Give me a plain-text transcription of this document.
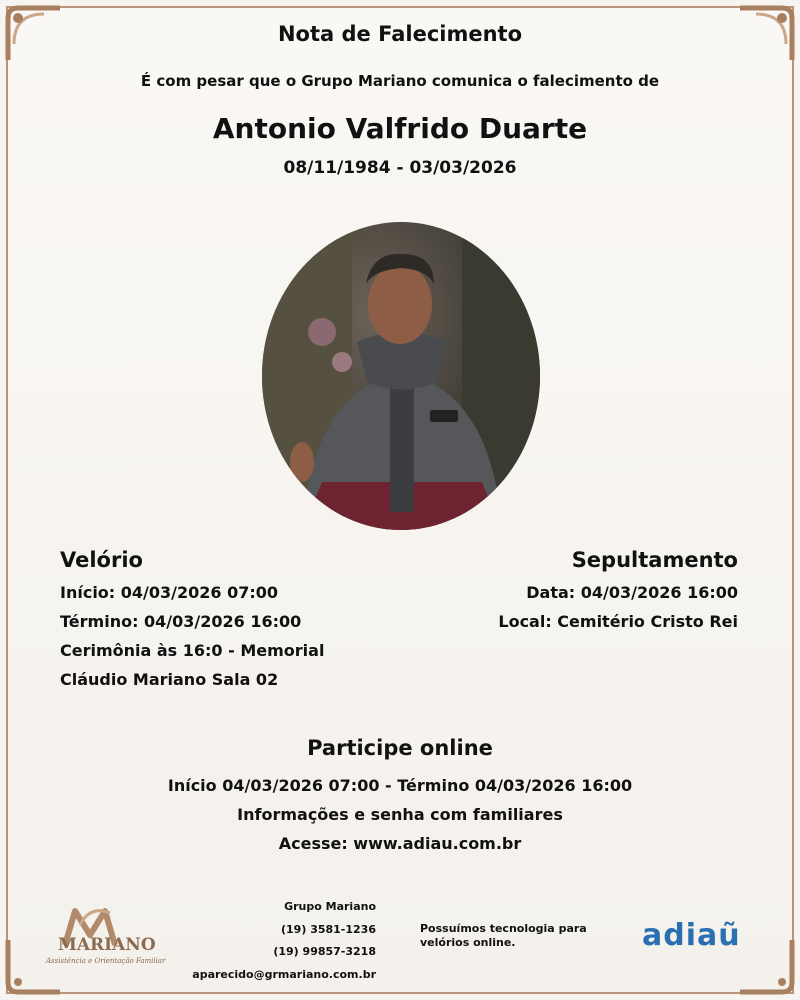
Nota de Falecimento
É com pesar que o Grupo Mariano comunica o falecimento de
Antonio Valfrido Duarte
08/11/1984 - 03/03/2026
Velório
Início: 04/03/2026 07:00
Término: 04/03/2026 16:00
Cerimônia às 16:0 - Memorial
Cláudio Mariano Sala 02
Sepultamento
Data: 04/03/2026 16:00
Local: Cemitério Cristo Rei
Participe online
Início 04/03/2026 07:00 - Término 04/03/2026 16:00
Informações e senha com familiares
Acesse: www.adiau.com.br
MARIANO
Assistência e Orientação Familiar
Grupo Mariano
(19) 3581-1236
(19) 99857-3218
aparecido@grmariano.com.br
Possuímos tecnologia para velórios online.	adiaũ
